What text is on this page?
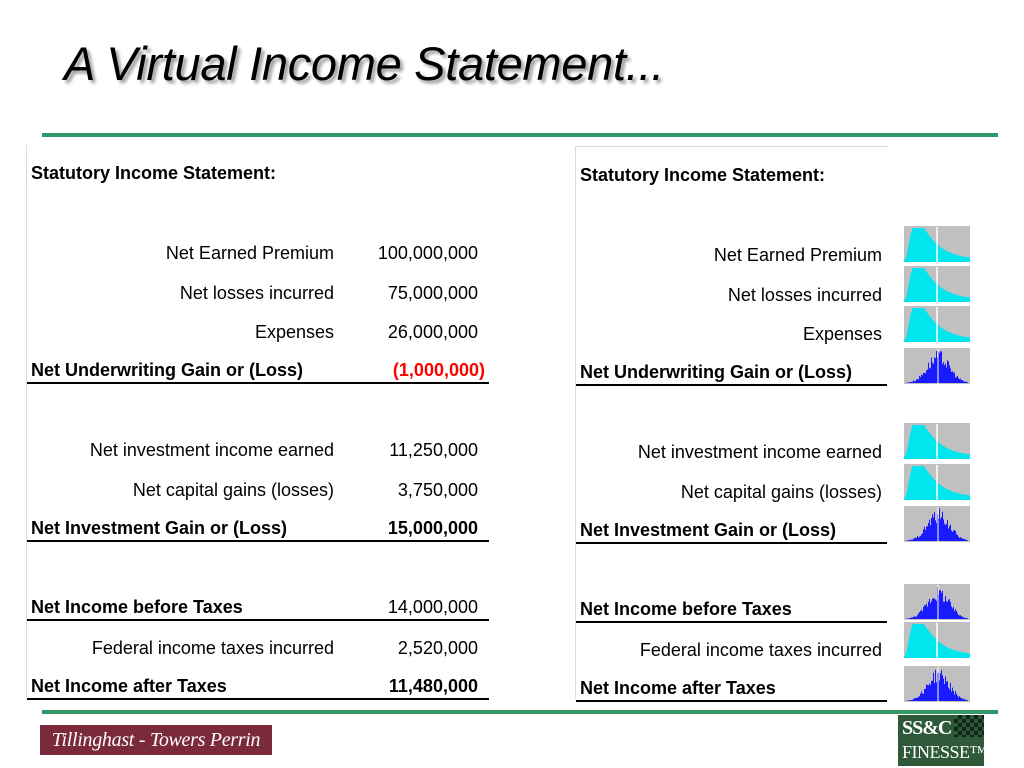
A Virtual Income Statement...
Statutory Income Statement:
Net Earned Premium 100,000,000
Net losses incurred	75,000,000
Expenses	26,000,000
Net Underwriting Gain or (Loss)	(1,000,000)
Net investment income earned	11,250,000
Net capital gains (losses)	3,750,000
Net Investment Gain or (Loss)	15,000,000
Net Income before Taxes	14,000,000
Federal income taxes incurred	2,520,000
Net Income after Taxes	11,480,000
Statutory Income Statement:
Net Earned Premium
Net losses incurred
Expenses
Net Underwriting Gain or (Loss)
Net investment income earned
Net capital gains (losses)
Net Investment Gain or (Loss)
Net Income before Taxes
Federal income taxes incurred
Net Income after Taxes
Tillinghast - Towers Perrin
SS&C
FINESSE™
